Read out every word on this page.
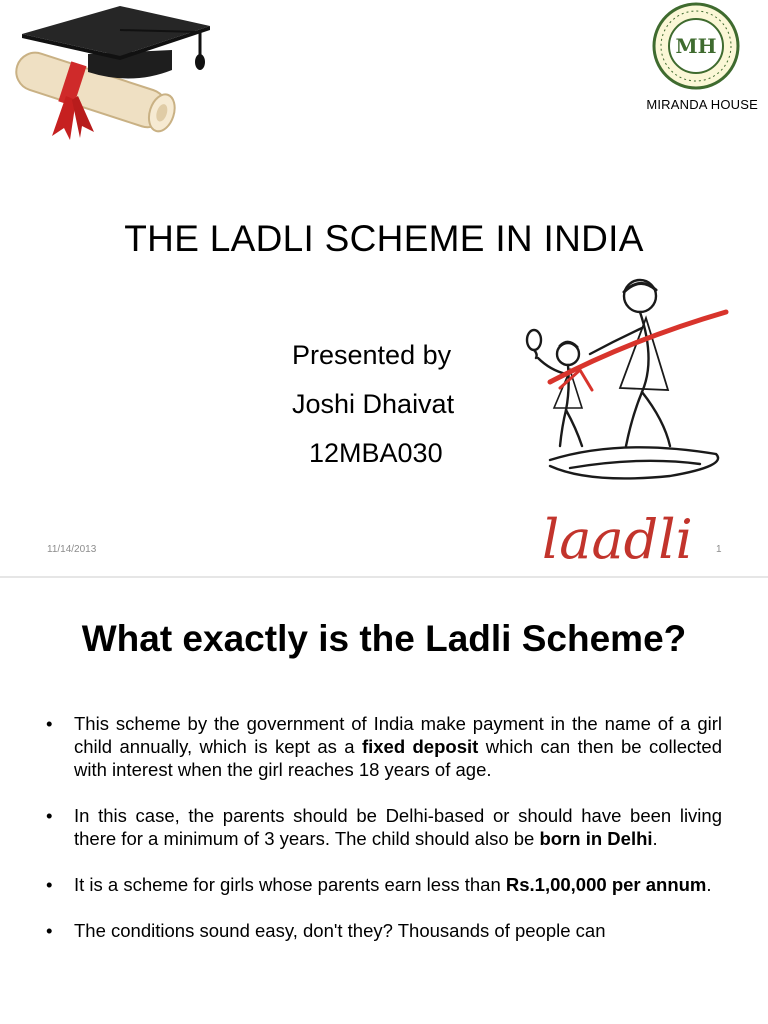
MH
MIRANDA HOUSE
THE LADLI SCHEME IN INDIA
Presented by
Joshi Dhaivat
12MBA030
laadli
11/14/2013	1
What exactly is the Ladli Scheme?
• This scheme by the government of India make payment in the name of a girl child annually, which is kept as a fixed deposit which can then be collected with interest when the girl reaches 18 years of age.
• In this case, the parents should be Delhi-based or should have been living there for a minimum of 3 years. The child should also be born in Delhi.
• It is a scheme for girls whose parents earn less than Rs.1,00,000 per annum.
• The conditions sound easy, don't they? Thousands of people can
